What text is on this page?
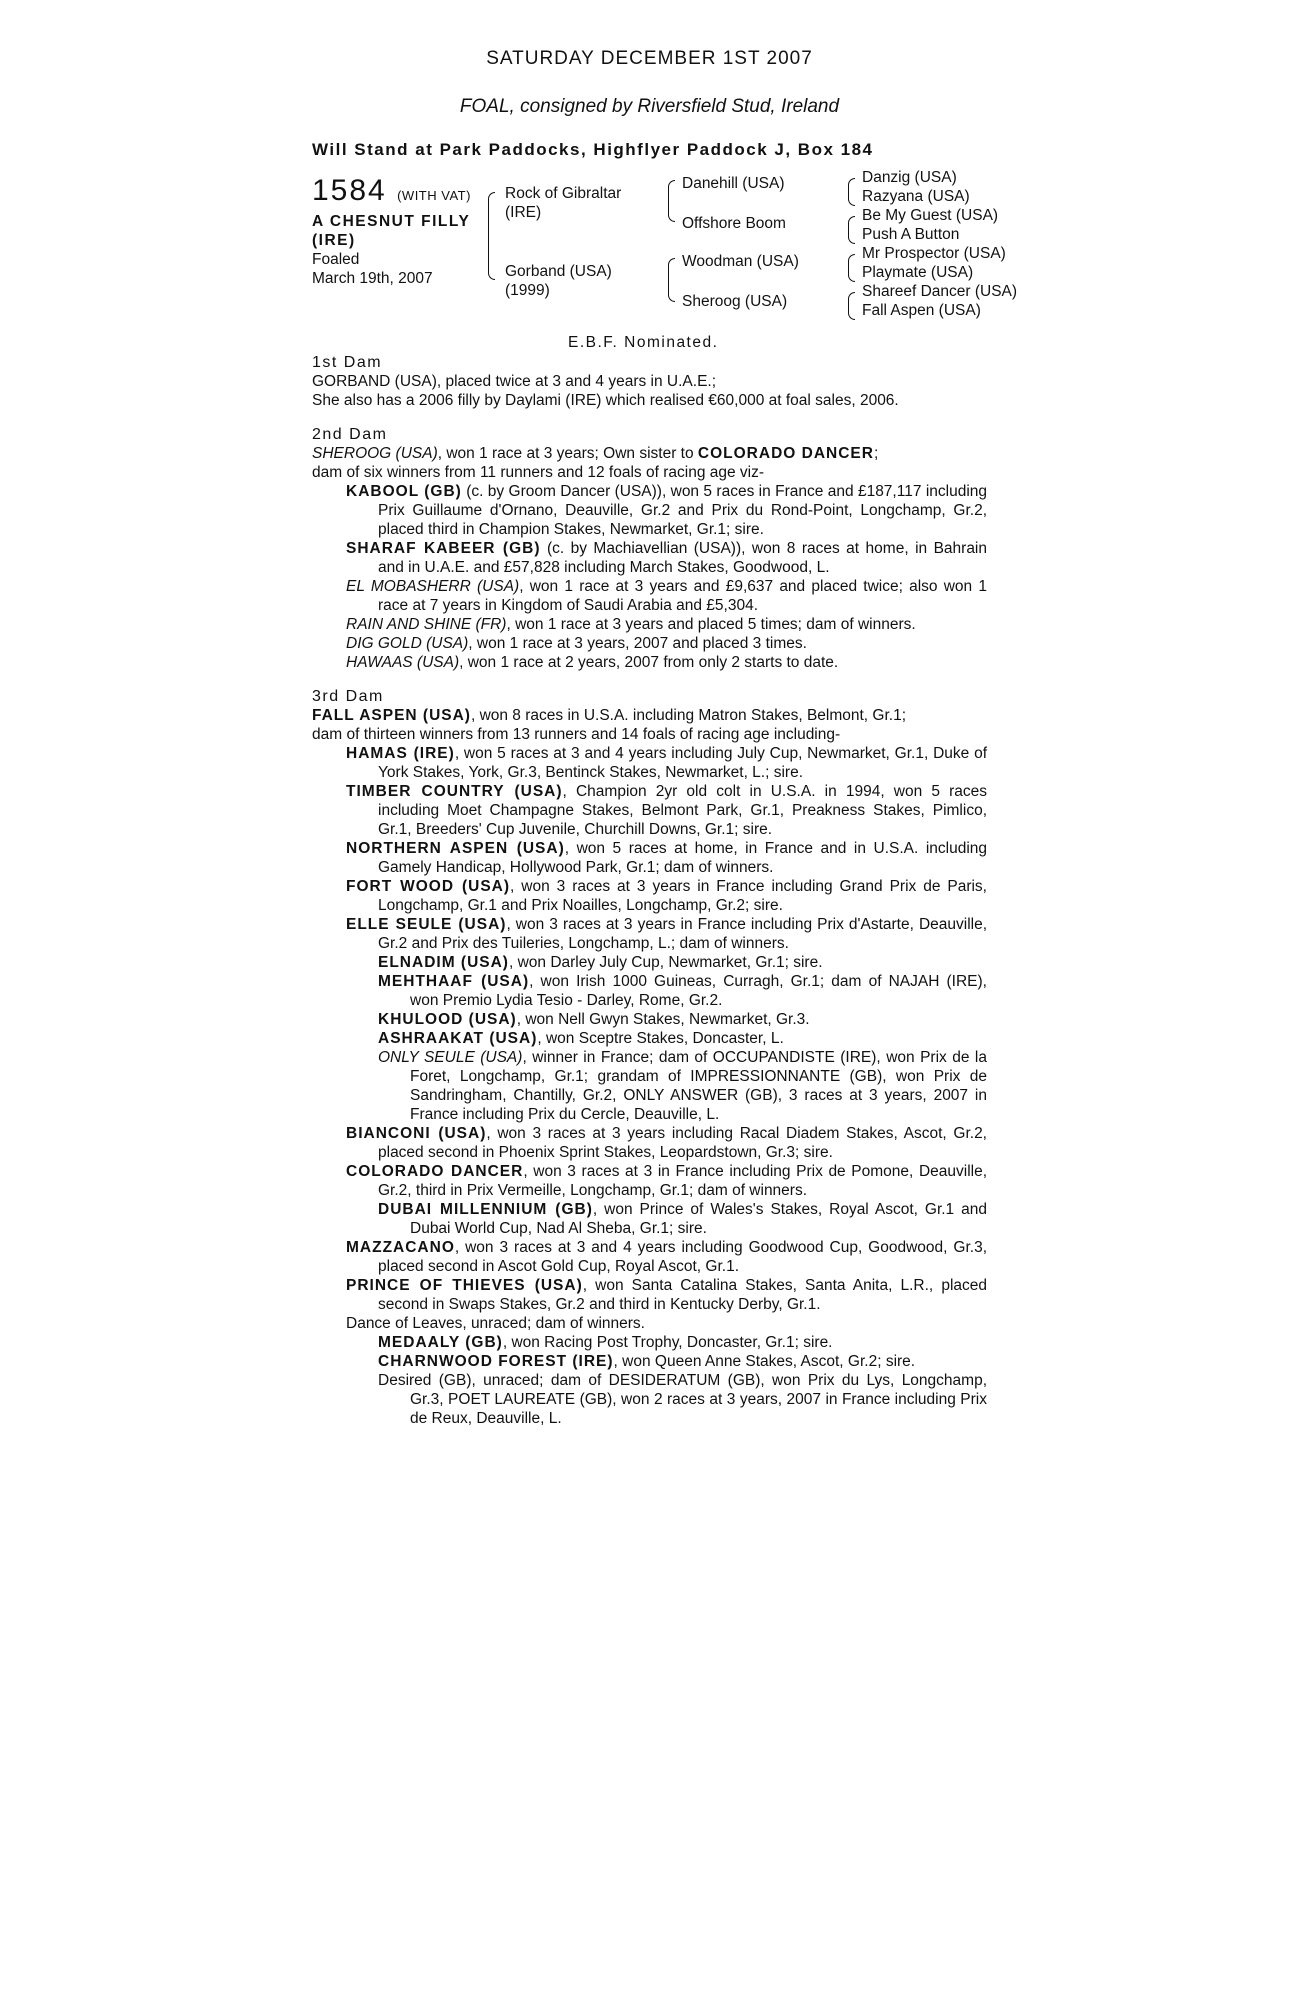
SATURDAY DECEMBER 1ST 2007
FOAL, consigned by Riversfield Stud, Ireland
Will Stand at Park Paddocks, Highflyer Paddock J, Box 184
1584 (WITH VAT)
A CHESNUT FILLY
(IRE)
Foaled
March 19th, 2007
Rock of Gibraltar
(IRE)
Gorband (USA)
(1999)
Danehill (USA)
Offshore Boom
Woodman (USA)
Sheroog (USA)
Danzig (USA)
Razyana (USA)
Be My Guest (USA)
Push A Button
Mr Prospector (USA)
Playmate (USA)
Shareef Dancer (USA)
Fall Aspen (USA)
E.B.F. Nominated.
1st Dam
GORBAND (USA), placed twice at 3 and 4 years in U.A.E.;
She also has a 2006 filly by Daylami (IRE) which realised €60,000 at foal sales, 2006.
2nd Dam
SHEROOG (USA), won 1 race at 3 years; Own sister to COLORADO DANCER;
dam of six winners from 11 runners and 12 foals of racing age viz-
KABOOL (GB) (c. by Groom Dancer (USA)), won 5 races in France and £187,117 including Prix Guillaume d'Ornano, Deauville, Gr.2 and Prix du Rond-Point, Longchamp, Gr.2, placed third in Champion Stakes, Newmarket, Gr.1; sire.
SHARAF KABEER (GB) (c. by Machiavellian (USA)), won 8 races at home, in Bahrain and in U.A.E. and £57,828 including March Stakes, Goodwood, L.
EL MOBASHERR (USA), won 1 race at 3 years and £9,637 and placed twice; also won 1 race at 7 years in Kingdom of Saudi Arabia and £5,304.
RAIN AND SHINE (FR), won 1 race at 3 years and placed 5 times; dam of winners.
DIG GOLD (USA), won 1 race at 3 years, 2007 and placed 3 times.
HAWAAS (USA), won 1 race at 2 years, 2007 from only 2 starts to date.
3rd Dam
FALL ASPEN (USA), won 8 races in U.S.A. including Matron Stakes, Belmont, Gr.1;
dam of thirteen winners from 13 runners and 14 foals of racing age including-
HAMAS (IRE), won 5 races at 3 and 4 years including July Cup, Newmarket, Gr.1, Duke of York Stakes, York, Gr.3, Bentinck Stakes, Newmarket, L.; sire.
TIMBER COUNTRY (USA), Champion 2yr old colt in U.S.A. in 1994, won 5 races including Moet Champagne Stakes, Belmont Park, Gr.1, Preakness Stakes, Pimlico, Gr.1, Breeders' Cup Juvenile, Churchill Downs, Gr.1; sire.
NORTHERN ASPEN (USA), won 5 races at home, in France and in U.S.A. including Gamely Handicap, Hollywood Park, Gr.1; dam of winners.
FORT WOOD (USA), won 3 races at 3 years in France including Grand Prix de Paris, Longchamp, Gr.1 and Prix Noailles, Longchamp, Gr.2; sire.
ELLE SEULE (USA), won 3 races at 3 years in France including Prix d'Astarte, Deauville, Gr.2 and Prix des Tuileries, Longchamp, L.; dam of winners.
ELNADIM (USA), won Darley July Cup, Newmarket, Gr.1; sire.
MEHTHAAF (USA), won Irish 1000 Guineas, Curragh, Gr.1; dam of NAJAH (IRE), won Premio Lydia Tesio - Darley, Rome, Gr.2.
KHULOOD (USA), won Nell Gwyn Stakes, Newmarket, Gr.3.
ASHRAAKAT (USA), won Sceptre Stakes, Doncaster, L.
ONLY SEULE (USA), winner in France; dam of OCCUPANDISTE (IRE), won Prix de la Foret, Longchamp, Gr.1; grandam of IMPRESSIONNANTE (GB), won Prix de Sandringham, Chantilly, Gr.2, ONLY ANSWER (GB), 3 races at 3 years, 2007 in France including Prix du Cercle, Deauville, L.
BIANCONI (USA), won 3 races at 3 years including Racal Diadem Stakes, Ascot, Gr.2, placed second in Phoenix Sprint Stakes, Leopardstown, Gr.3; sire.
COLORADO DANCER, won 3 races at 3 in France including Prix de Pomone, Deauville, Gr.2, third in Prix Vermeille, Longchamp, Gr.1; dam of winners.
DUBAI MILLENNIUM (GB), won Prince of Wales's Stakes, Royal Ascot, Gr.1 and Dubai World Cup, Nad Al Sheba, Gr.1; sire.
MAZZACANO, won 3 races at 3 and 4 years including Goodwood Cup, Goodwood, Gr.3, placed second in Ascot Gold Cup, Royal Ascot, Gr.1.
PRINCE OF THIEVES (USA), won Santa Catalina Stakes, Santa Anita, L.R., placed second in Swaps Stakes, Gr.2 and third in Kentucky Derby, Gr.1.
Dance of Leaves, unraced; dam of winners.
MEDAALY (GB), won Racing Post Trophy, Doncaster, Gr.1; sire.
CHARNWOOD FOREST (IRE), won Queen Anne Stakes, Ascot, Gr.2; sire.
Desired (GB), unraced; dam of DESIDERATUM (GB), won Prix du Lys, Longchamp, Gr.3, POET LAUREATE (GB), won 2 races at 3 years, 2007 in France including Prix de Reux, Deauville, L.
